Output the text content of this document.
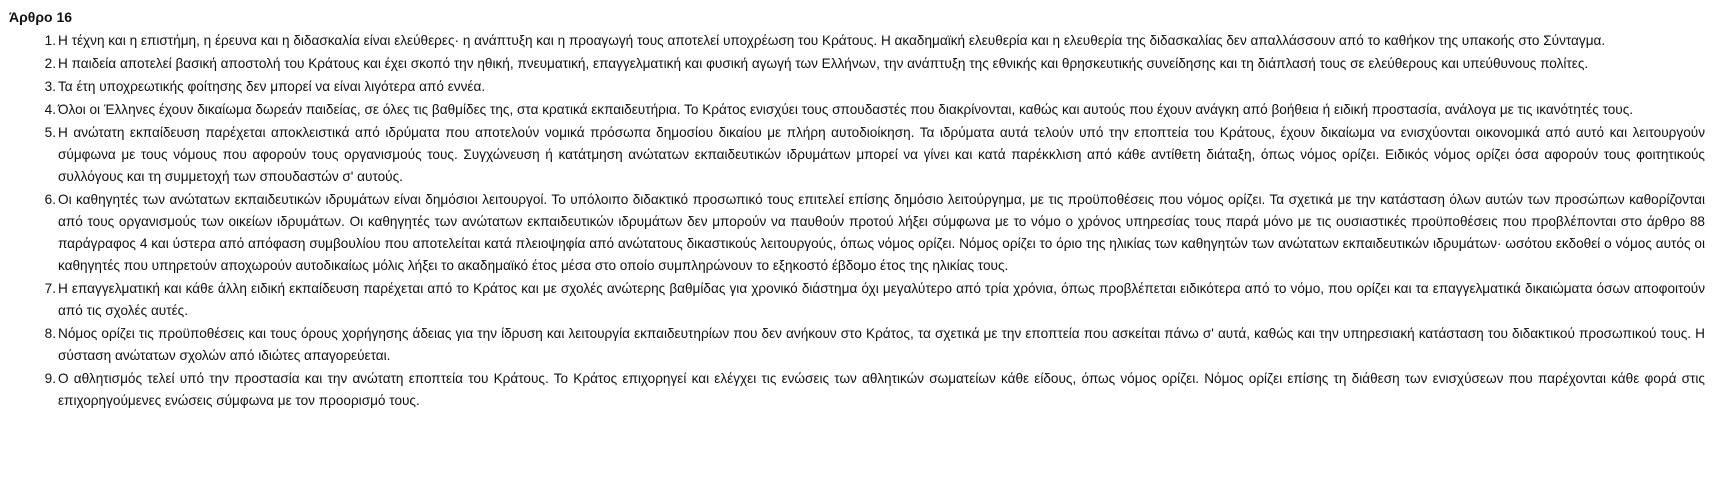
Άρθρο 16
1. Η τέχνη και η επιστήμη, η έρευνα και η διδασκαλία είναι ελεύθερες· η ανάπτυξη και η προαγωγή τους αποτελεί υποχρέωση του Κράτους. Η ακαδημαϊκή ελευθερία και η ελευθερία της διδασκαλίας δεν απαλλάσσουν από το καθήκον της υπακοής στο Σύνταγμα.
2. Η παιδεία αποτελεί βασική αποστολή του Κράτους και έχει σκοπό την ηθική, πνευματική, επαγγελματική και φυσική αγωγή των Ελλήνων, την ανάπτυξη της εθνικής και θρησκευτικής συνείδησης και τη διάπλασή τους σε ελεύθερους και υπεύθυνους πολίτες.
3. Τα έτη υποχρεωτικής φοίτησης δεν μπορεί να είναι λιγότερα από εννέα.
4. Όλοι οι Έλληνες έχουν δικαίωμα δωρεάν παιδείας, σε όλες τις βαθμίδες της, στα κρατικά εκπαιδευτήρια. Το Κράτος ενισχύει τους σπουδαστές που διακρίνονται, καθώς και αυτούς που έχουν ανάγκη από βοήθεια ή ειδική προστασία, ανάλογα με τις ικανότητές τους.
5. Η ανώτατη εκπαίδευση παρέχεται αποκλειστικά από ιδρύματα που αποτελούν νομικά πρόσωπα δημοσίου δικαίου με πλήρη αυτοδιοίκηση. Τα ιδρύματα αυτά τελούν υπό την εποπτεία του Κράτους, έχουν δικαίωμα να ενισχύονται οικονομικά από αυτό και λειτουργούν σύμφωνα με τους νόμους που αφορούν τους οργανισμούς τους. Συγχώνευση ή κατάτμηση ανώτατων εκπαιδευτικών ιδρυμάτων μπορεί να γίνει και κατά παρέκκλιση από κάθε αντίθετη διάταξη, όπως νόμος ορίζει. Ειδικός νόμος ορίζει όσα αφορούν τους φοιτητικούς συλλόγους και τη συμμετοχή των σπουδαστών σ' αυτούς.
6. Οι καθηγητές των ανώτατων εκπαιδευτικών ιδρυμάτων είναι δημόσιοι λειτουργοί. Το υπόλοιπο διδακτικό προσωπικό τους επιτελεί επίσης δημόσιο λειτούργημα, με τις προϋποθέσεις που νόμος ορίζει. Τα σχετικά με την κατάσταση όλων αυτών των προσώπων καθορίζονται από τους οργανισμούς των οικείων ιδρυμάτων. Οι καθηγητές των ανώτατων εκπαιδευτικών ιδρυμάτων δεν μπορούν να παυθούν προτού λήξει σύμφωνα με το νόμο ο χρόνος υπηρεσίας τους παρά μόνο με τις ουσιαστικές προϋποθέσεις που προβλέπονται στο άρθρο 88 παράγραφος 4 και ύστερα από απόφαση συμβουλίου που αποτελείται κατά πλειοψηφία από ανώτατους δικαστικούς λειτουργούς, όπως νόμος ορίζει. Νόμος ορίζει το όριο της ηλικίας των καθηγητών των ανώτατων εκπαιδευτικών ιδρυμάτων· ωσότου εκδοθεί ο νόμος αυτός οι καθηγητές που υπηρετούν αποχωρούν αυτοδικαίως μόλις λήξει το ακαδημαϊκό έτος μέσα στο οποίο συμπληρώνουν το εξηκοστό έβδομο έτος της ηλικίας τους.
7. Η επαγγελματική και κάθε άλλη ειδική εκπαίδευση παρέχεται από το Κράτος και με σχολές ανώτερης βαθμίδας για χρονικό διάστημα όχι μεγαλύτερο από τρία χρόνια, όπως προβλέπεται ειδικότερα από το νόμο, που ορίζει και τα επαγγελματικά δικαιώματα όσων αποφοιτούν από τις σχολές αυτές.
8. Νόμος ορίζει τις προϋποθέσεις και τους όρους χορήγησης άδειας για την ίδρυση και λειτουργία εκπαιδευτηρίων που δεν ανήκουν στο Κράτος, τα σχετικά με την εποπτεία που ασκείται πάνω σ' αυτά, καθώς και την υπηρεσιακή κατάσταση του διδακτικού προσωπικού τους. Η σύσταση ανώτατων σχολών από ιδιώτες απαγορεύεται.
9. Ο αθλητισμός τελεί υπό την προστασία και την ανώτατη εποπτεία του Κράτους. Το Κράτος επιχορηγεί και ελέγχει τις ενώσεις των αθλητικών σωματείων κάθε είδους, όπως νόμος ορίζει. Νόμος ορίζει επίσης τη διάθεση των ενισχύσεων που παρέχονται κάθε φορά στις επιχορηγούμενες ενώσεις σύμφωνα με τον προορισμό τους.
